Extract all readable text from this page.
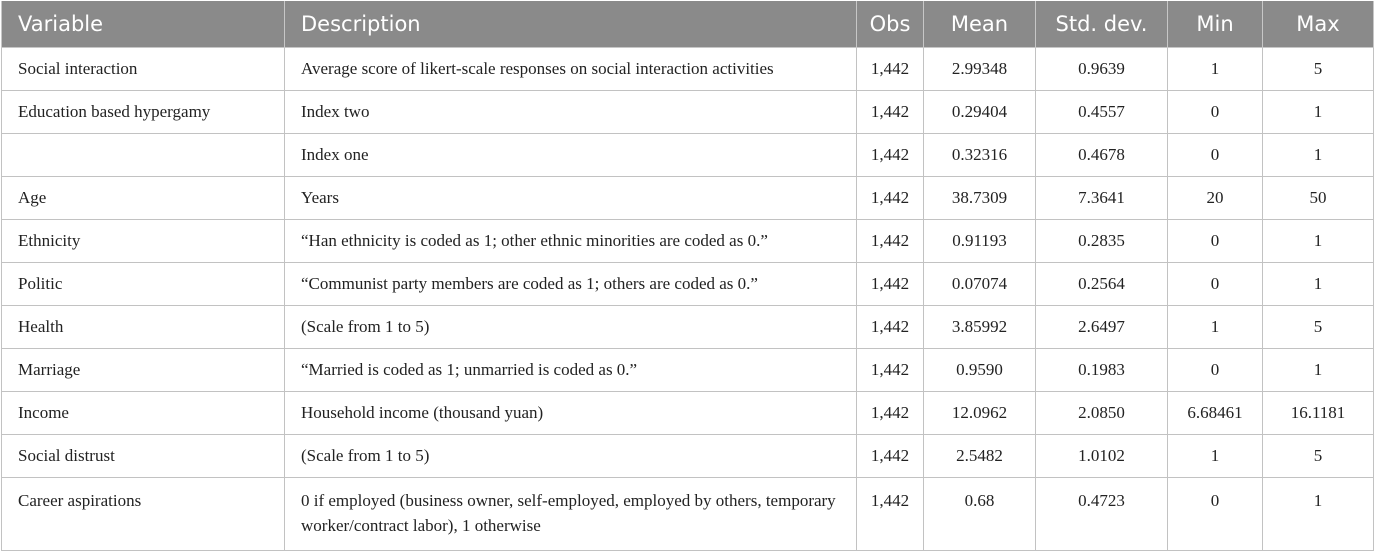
Variable	Description	Obs	Mean	Std. dev.	Min	Max
Social interaction	Average score of likert-scale responses on social interaction activities	1,442	2.99348	0.9639	1	5
Education based hypergamy	Index two	1,442	0.29404	0.4557	0	1
	Index one	1,442	0.32316	0.4678	0	1
Age	Years	1,442	38.7309	7.3641	20	50
Ethnicity	“Han ethnicity is coded as 1; other ethnic minorities are coded as 0.”	1,442	0.91193	0.2835	0	1
Politic	“Communist party members are coded as 1; others are coded as 0.”	1,442	0.07074	0.2564	0	1
Health	(Scale from 1 to 5)	1,442	3.85992	2.6497	1	5
Marriage	“Married is coded as 1; unmarried is coded as 0.”	1,442	0.9590	0.1983	0	1
Income	Household income (thousand yuan)	1,442	12.0962	2.0850	6.68461	16.1181
Social distrust	(Scale from 1 to 5)	1,442	2.5482	1.0102	1	5
Career aspirations	0 if employed (business owner, self-employed, employed by others, temporary worker/contract labor), 1 otherwise	1,442	0.68	0.4723	0	1
